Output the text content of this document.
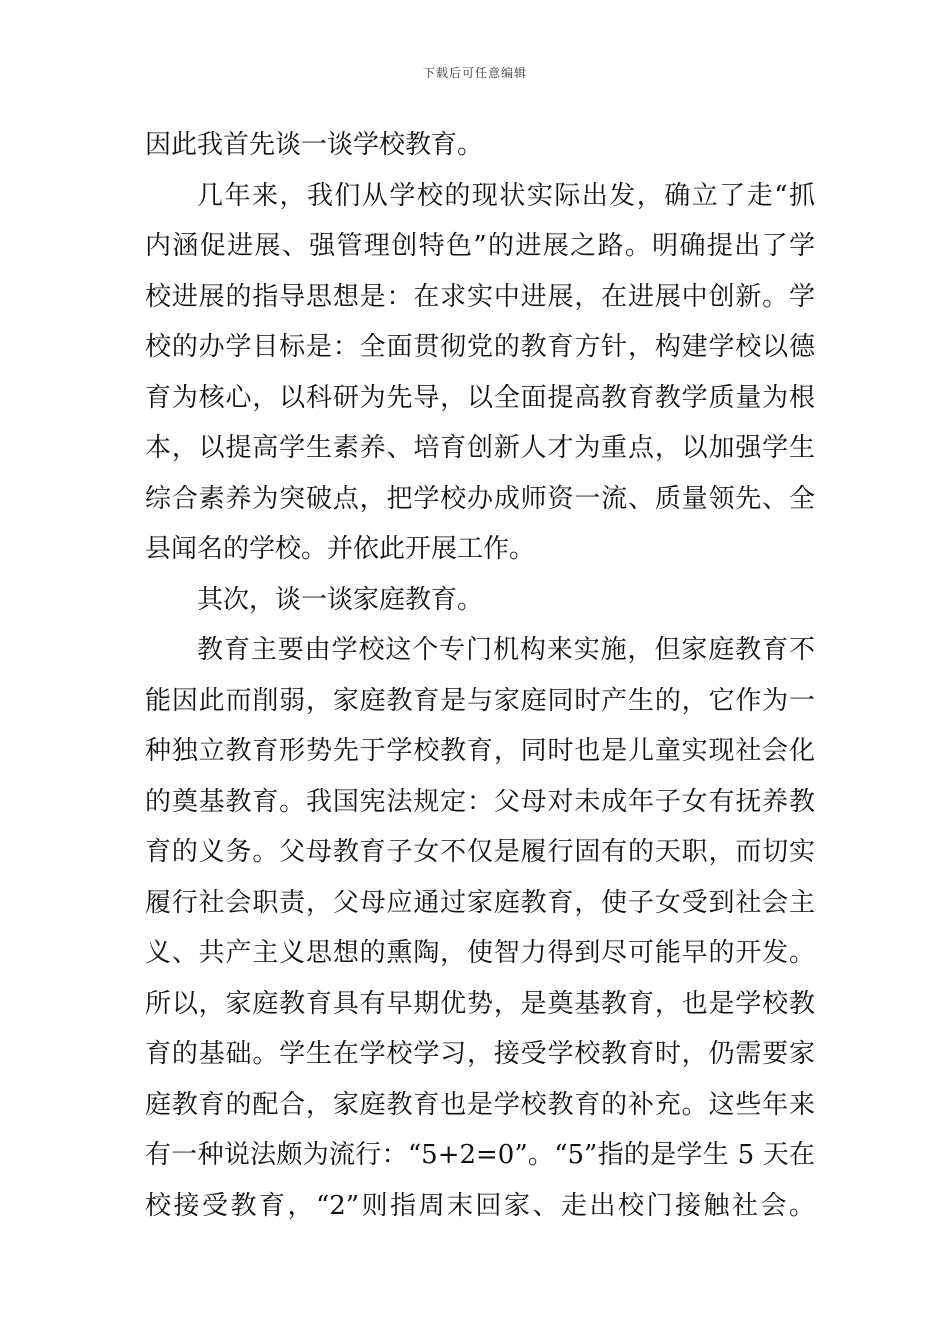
下载后可任意编辑
因此我首先谈一谈学校教育。
几年来，我们从学校的现状实际出发，确立了走“抓
内涵促进展、强管理创特色”的进展之路。明确提出了学
校进展的指导思想是：在求实中进展，在进展中创新。学
校的办学目标是：全面贯彻党的教育方针，构建学校以德
育为核心，以科研为先导，以全面提高教育教学质量为根
本，以提高学生素养、培育创新人才为重点，以加强学生
综合素养为突破点，把学校办成师资一流、质量领先、全
县闻名的学校。并依此开展工作。
其次，谈一谈家庭教育。
教育主要由学校这个专门机构来实施，但家庭教育不
能因此而削弱，家庭教育是与家庭同时产生的，它作为一
种独立教育形势先于学校教育，同时也是儿童实现社会化
的奠基教育。我国宪法规定：父母对未成年子女有抚养教
育的义务。父母教育子女不仅是履行固有的天职，而切实
履行社会职责，父母应通过家庭教育，使子女受到社会主
义、共产主义思想的熏陶，使智力得到尽可能早的开发。
所以，家庭教育具有早期优势，是奠基教育，也是学校教
育的基础。学生在学校学习，接受学校教育时，仍需要家
庭教育的配合，家庭教育也是学校教育的补充。这些年来
有一种说法颇为流行：“5+2=0”。“5”指的是学生 5 天在
校接受教育，“2”则指周末回家、走出校门接触社会。
